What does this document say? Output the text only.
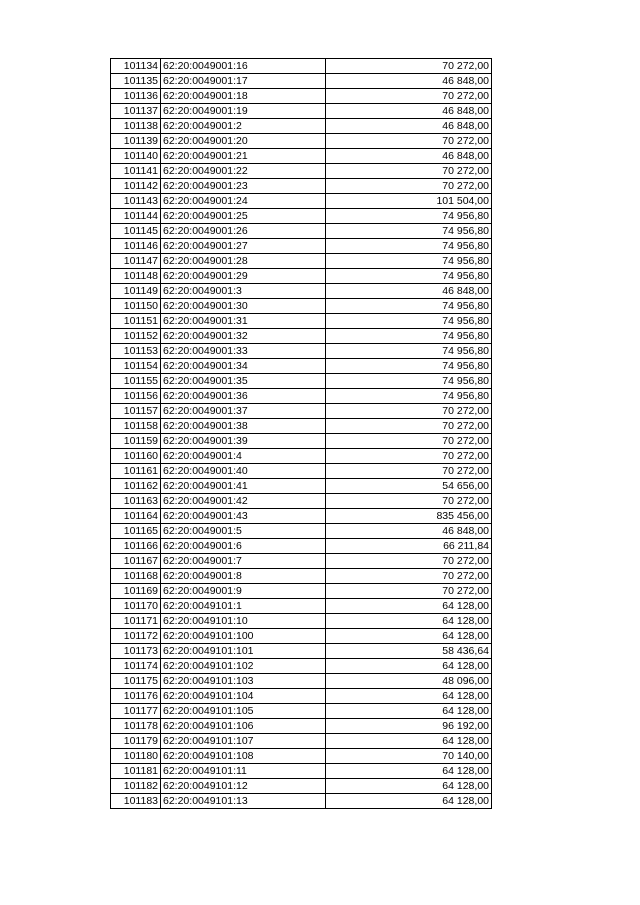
101134	62:20:0049001:16	70 272,00
101135	62:20:0049001:17	46 848,00
101136	62:20:0049001:18	70 272,00
101137	62:20:0049001:19	46 848,00
101138	62:20:0049001:2	46 848,00
101139	62:20:0049001:20	70 272,00
101140	62:20:0049001:21	46 848,00
101141	62:20:0049001:22	70 272,00
101142	62:20:0049001:23	70 272,00
101143	62:20:0049001:24	101 504,00
101144	62:20:0049001:25	74 956,80
101145	62:20:0049001:26	74 956,80
101146	62:20:0049001:27	74 956,80
101147	62:20:0049001:28	74 956,80
101148	62:20:0049001:29	74 956,80
101149	62:20:0049001:3	46 848,00
101150	62:20:0049001:30	74 956,80
101151	62:20:0049001:31	74 956,80
101152	62:20:0049001:32	74 956,80
101153	62:20:0049001:33	74 956,80
101154	62:20:0049001:34	74 956,80
101155	62:20:0049001:35	74 956,80
101156	62:20:0049001:36	74 956,80
101157	62:20:0049001:37	70 272,00
101158	62:20:0049001:38	70 272,00
101159	62:20:0049001:39	70 272,00
101160	62:20:0049001:4	70 272,00
101161	62:20:0049001:40	70 272,00
101162	62:20:0049001:41	54 656,00
101163	62:20:0049001:42	70 272,00
101164	62:20:0049001:43	835 456,00
101165	62:20:0049001:5	46 848,00
101166	62:20:0049001:6	66 211,84
101167	62:20:0049001:7	70 272,00
101168	62:20:0049001:8	70 272,00
101169	62:20:0049001:9	70 272,00
101170	62:20:0049101:1	64 128,00
101171	62:20:0049101:10	64 128,00
101172	62:20:0049101:100	64 128,00
101173	62:20:0049101:101	58 436,64
101174	62:20:0049101:102	64 128,00
101175	62:20:0049101:103	48 096,00
101176	62:20:0049101:104	64 128,00
101177	62:20:0049101:105	64 128,00
101178	62:20:0049101:106	96 192,00
101179	62:20:0049101:107	64 128,00
101180	62:20:0049101:108	70 140,00
101181	62:20:0049101:11	64 128,00
101182	62:20:0049101:12	64 128,00
101183	62:20:0049101:13	64 128,00
